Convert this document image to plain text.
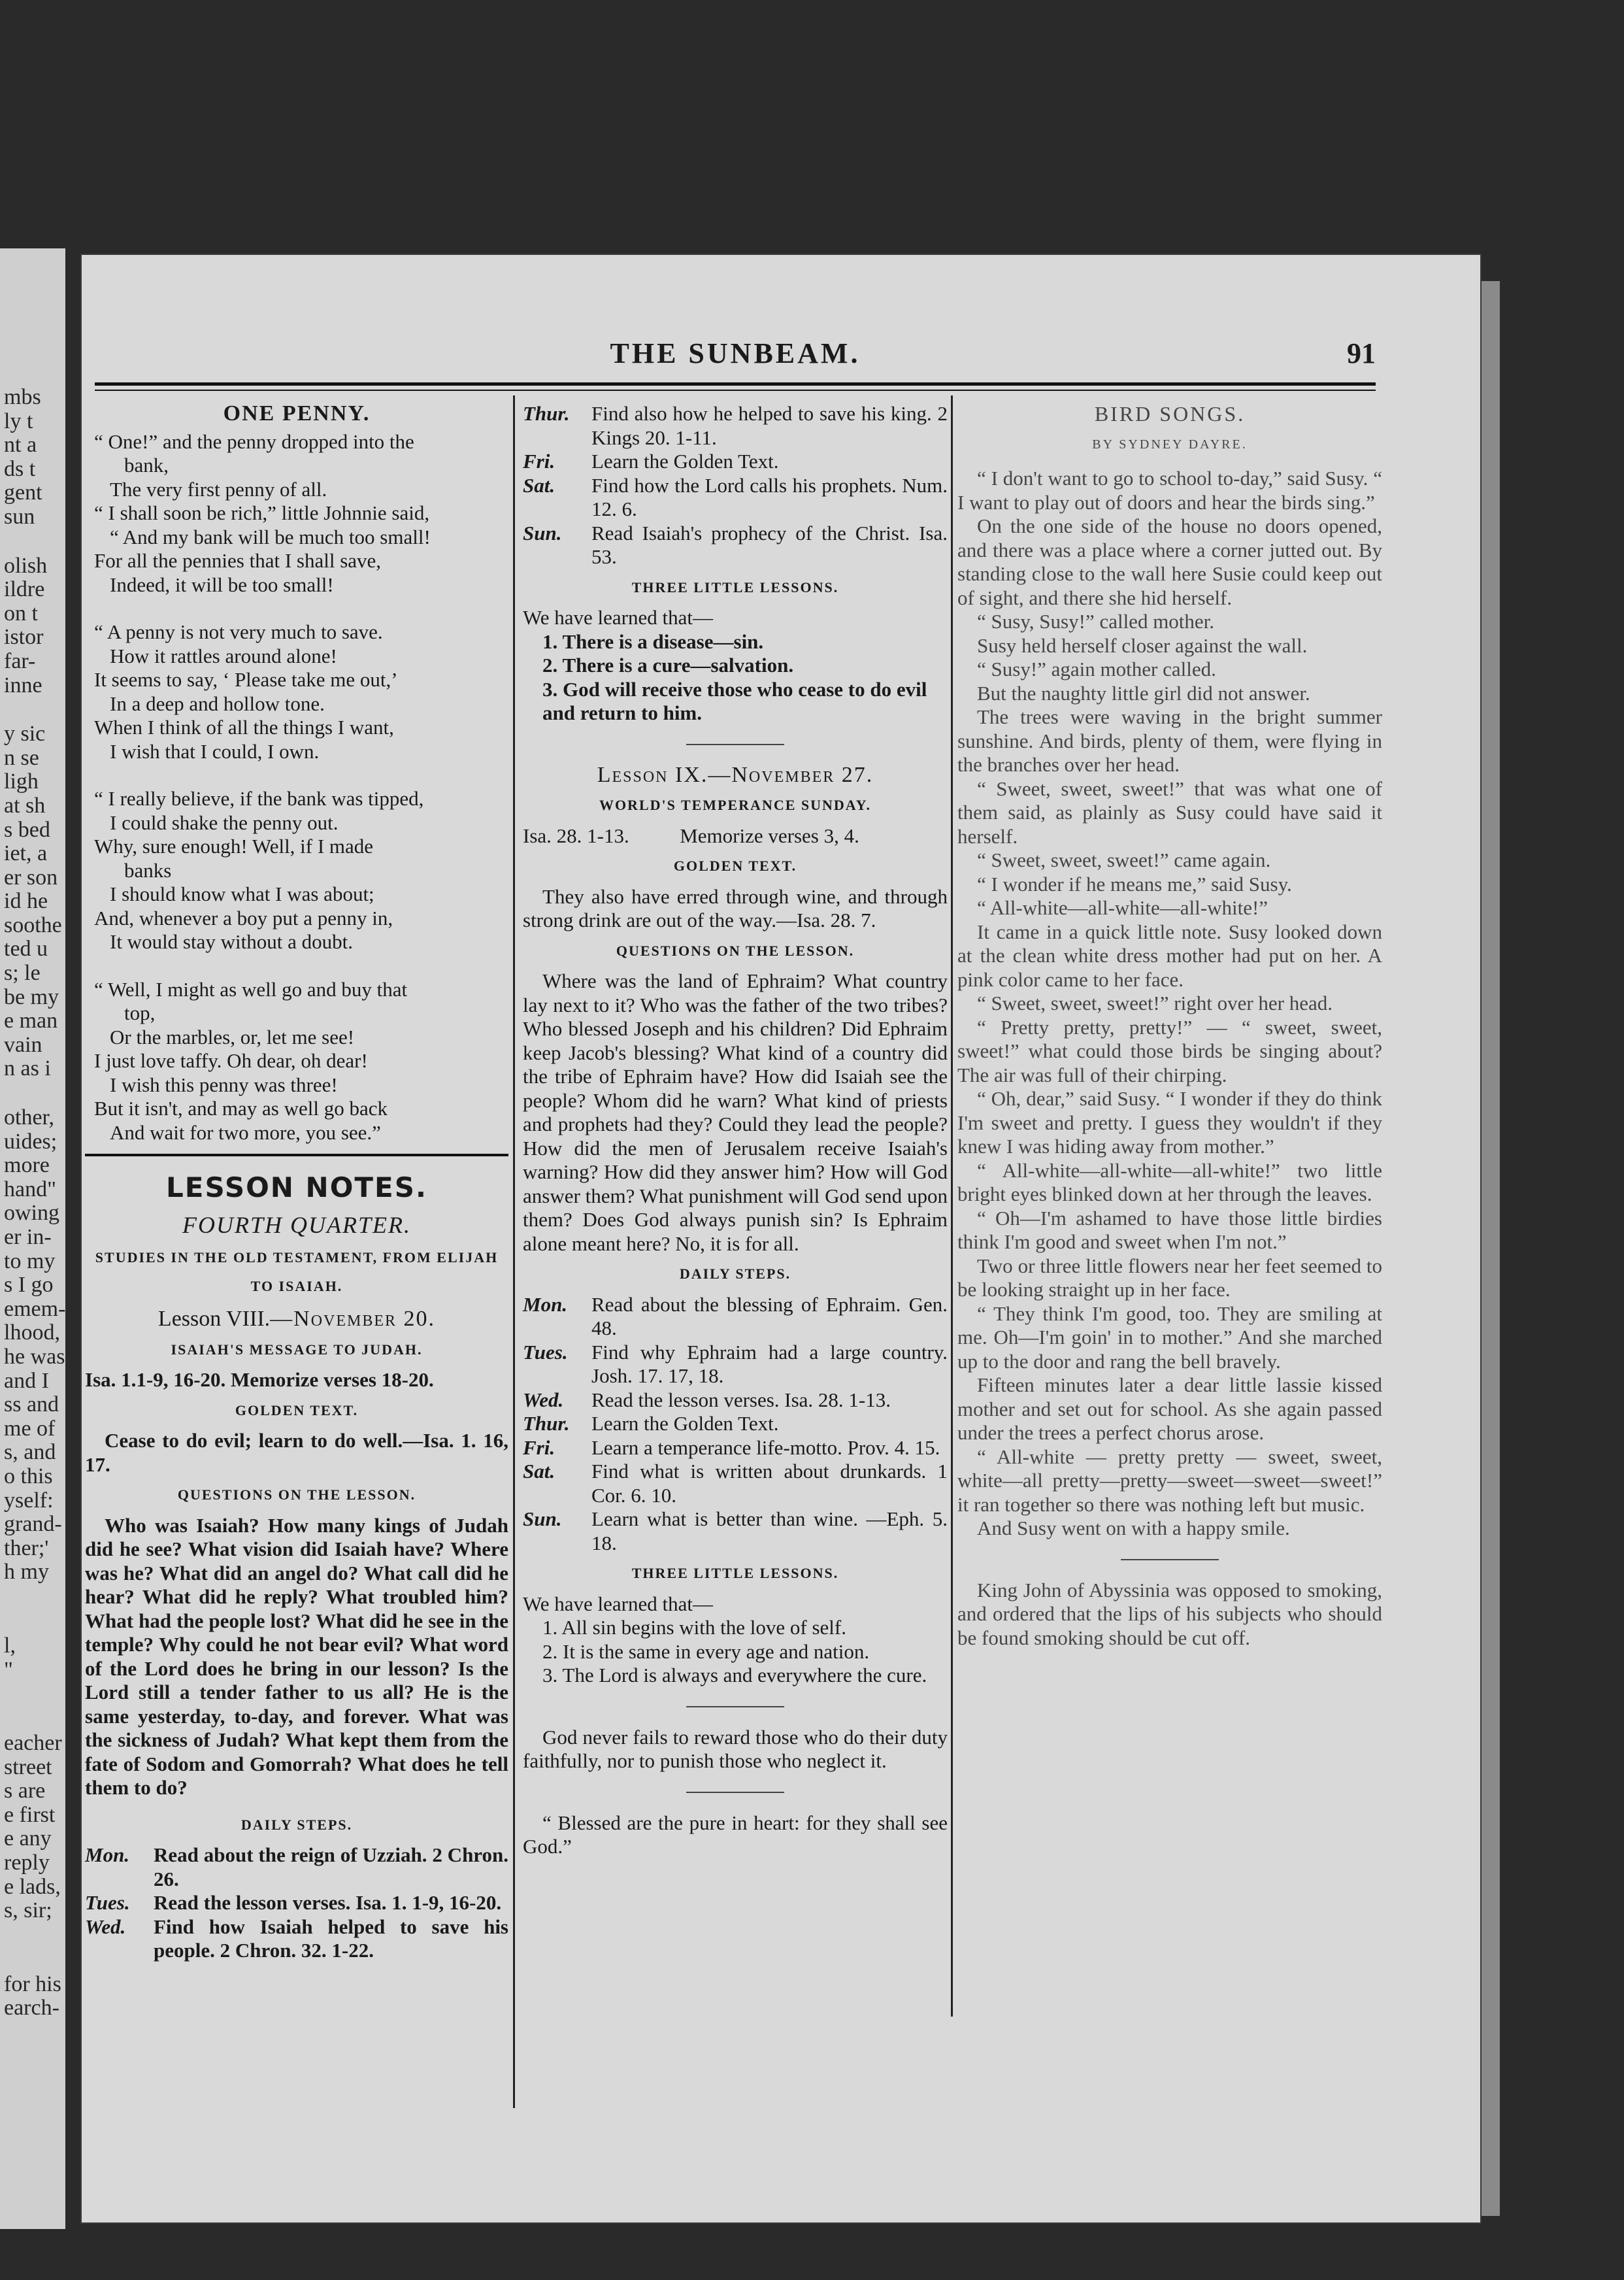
mbs
ly t
nt a
ds t
gent
sun
olish
ildre
on t
istor
far-
inne
y sic
n se
ligh
at sh
s bed
iet, a
er son
id he
soothe
ted u
s; le
be my
e man
vain
n as i
other,
uides;
more
hand"
owing
er in-
to my
s I go
emem-
lhood,
he was
and I
ss and
me of
s, and
o this
yself:
grand-
ther;'
h my
l,
"
eacher
street
s are
e first
e any
reply
e lads,
s, sir;
for his
earch-
THE SUNBEAM.	91
ONE PENNY.
“ One!” and the penny dropped into the
bank,
The very first penny of all.
“ I shall soon be rich,” little Johnnie said,
“ And my bank will be much too small!
For all the pennies that I shall save,
Indeed, it will be too small!
“ A penny is not very much to save.
How it rattles around alone!
It seems to say, ‘ Please take me out,’
In a deep and hollow tone.
When I think of all the things I want,
I wish that I could, I own.
“ I really believe, if the bank was tipped,
I could shake the penny out.
Why, sure enough! Well, if I made
banks
I should know what I was about;
And, whenever a boy put a penny in,
It would stay without a doubt.
“ Well, I might as well go and buy that
top,
Or the marbles, or, let me see!
I just love taffy. Oh dear, oh dear!
I wish this penny was three!
But it isn't, and may as well go back
And wait for two more, you see.”
LESSON NOTES.
FOURTH QUARTER.
STUDIES IN THE OLD TESTAMENT, FROM ELIJAH TO ISAIAH.
Lesson VIII.—November 20.
ISAIAH'S MESSAGE TO JUDAH.
Isa. 1.1-9, 16-20. Memorize verses 18-20.
GOLDEN TEXT.
Cease to do evil; learn to do well.—Isa. 1. 16, 17.
QUESTIONS ON THE LESSON.
Who was Isaiah? How many kings of Judah did he see? What vision did Isaiah have? Where was he? What did an angel do? What call did he hear? What did he reply? What troubled him? What had the people lost? What did he see in the temple? Why could he not bear evil? What word of the Lord does he bring in our lesson? Is the Lord still a tender father to us all? He is the same yesterday, to-day, and forever. What was the sickness of Judah? What kept them from the fate of Sodom and Gomorrah? What does he tell them to do?
DAILY STEPS.
Mon.	Read about the reign of Uzziah. 2 Chron. 26.
Tues.	Read the lesson verses. Isa. 1. 1-9, 16-20.
Wed.	Find how Isaiah helped to save his people. 2 Chron. 32. 1-22.
Thur.	Find also how he helped to save his king. 2 Kings 20. 1-11.
Fri.	Learn the Golden Text.
Sat.	Find how the Lord calls his prophets. Num. 12. 6.
Sun.	Read Isaiah's prophecy of the Christ. Isa. 53.
THREE LITTLE LESSONS.
We have learned that—
1. There is a disease—sin.
2. There is a cure—salvation.
3. God will receive those who cease to do evil and return to him.
Lesson IX.—November 27.
WORLD'S TEMPERANCE SUNDAY.
Isa. 28. 1-13.          Memorize verses 3, 4.
GOLDEN TEXT.
They also have erred through wine, and through strong drink are out of the way.—Isa. 28. 7.
QUESTIONS ON THE LESSON.
Where was the land of Ephraim? What country lay next to it? Who was the father of the two tribes? Who blessed Joseph and his children? Did Ephraim keep Jacob's blessing? What kind of a country did the tribe of Ephraim have? How did Isaiah see the people? Whom did he warn? What kind of priests and prophets had they? Could they lead the people? How did the men of Jerusalem receive Isaiah's warning? How did they answer him? How will God answer them? What punishment will God send upon them? Does God always punish sin? Is Ephraim alone meant here? No, it is for all.
DAILY STEPS.
Mon.	Read about the blessing of Ephraim. Gen. 48.
Tues.	Find why Ephraim had a large country. Josh. 17. 17, 18.
Wed.	Read the lesson verses. Isa. 28. 1-13.
Thur.	Learn the Golden Text.
Fri.	Learn a temperance life-motto. Prov. 4. 15.
Sat.	Find what is written about drunkards. 1 Cor. 6. 10.
Sun.	Learn what is better than wine. —Eph. 5. 18.
THREE LITTLE LESSONS.
We have learned that—
1. All sin begins with the love of self.
2. It is the same in every age and nation.
3. The Lord is always and everywhere the cure.
God never fails to reward those who do their duty faithfully, nor to punish those who neglect it.
“ Blessed are the pure in heart: for they shall see God.”
BIRD SONGS.
BY SYDNEY DAYRE.
“ I don't want to go to school to-day,” said Susy. “ I want to play out of doors and hear the birds sing.”
On the one side of the house no doors opened, and there was a place where a corner jutted out. By standing close to the wall here Susie could keep out of sight, and there she hid herself.
“ Susy, Susy!” called mother.
Susy held herself closer against the wall.
“ Susy!” again mother called.
But the naughty little girl did not answer.
The trees were waving in the bright summer sunshine. And birds, plenty of them, were flying in the branches over her head.
“ Sweet, sweet, sweet!” that was what one of them said, as plainly as Susy could have said it herself.
“ Sweet, sweet, sweet!” came again.
“ I wonder if he means me,” said Susy.
“ All-white—all-white—all-white!”
It came in a quick little note. Susy looked down at the clean white dress mother had put on her. A pink color came to her face.
“ Sweet, sweet, sweet!” right over her head.
“ Pretty pretty, pretty!” — “ sweet, sweet, sweet!” what could those birds be singing about? The air was full of their chirping.
“ Oh, dear,” said Susy. “ I wonder if they do think I'm sweet and pretty. I guess they wouldn't if they knew I was hiding away from mother.”
“ All-white—all-white—all-white!” two little bright eyes blinked down at her through the leaves.
“ Oh—I'm ashamed to have those little birdies think I'm good and sweet when I'm not.”
Two or three little flowers near her feet seemed to be looking straight up in her face.
“ They think I'm good, too. They are smiling at me. Oh—I'm goin' in to mother.” And she marched up to the door and rang the bell bravely.
Fifteen minutes later a dear little lassie kissed mother and set out for school. As she again passed under the trees a perfect chorus arose.
“ All-white — pretty pretty — sweet, sweet, white—all pretty—pretty—sweet—sweet—sweet!” it ran together so there was nothing left but music.
And Susy went on with a happy smile.
King John of Abyssinia was opposed to smoking, and ordered that the lips of his subjects who should be found smoking should be cut off.
